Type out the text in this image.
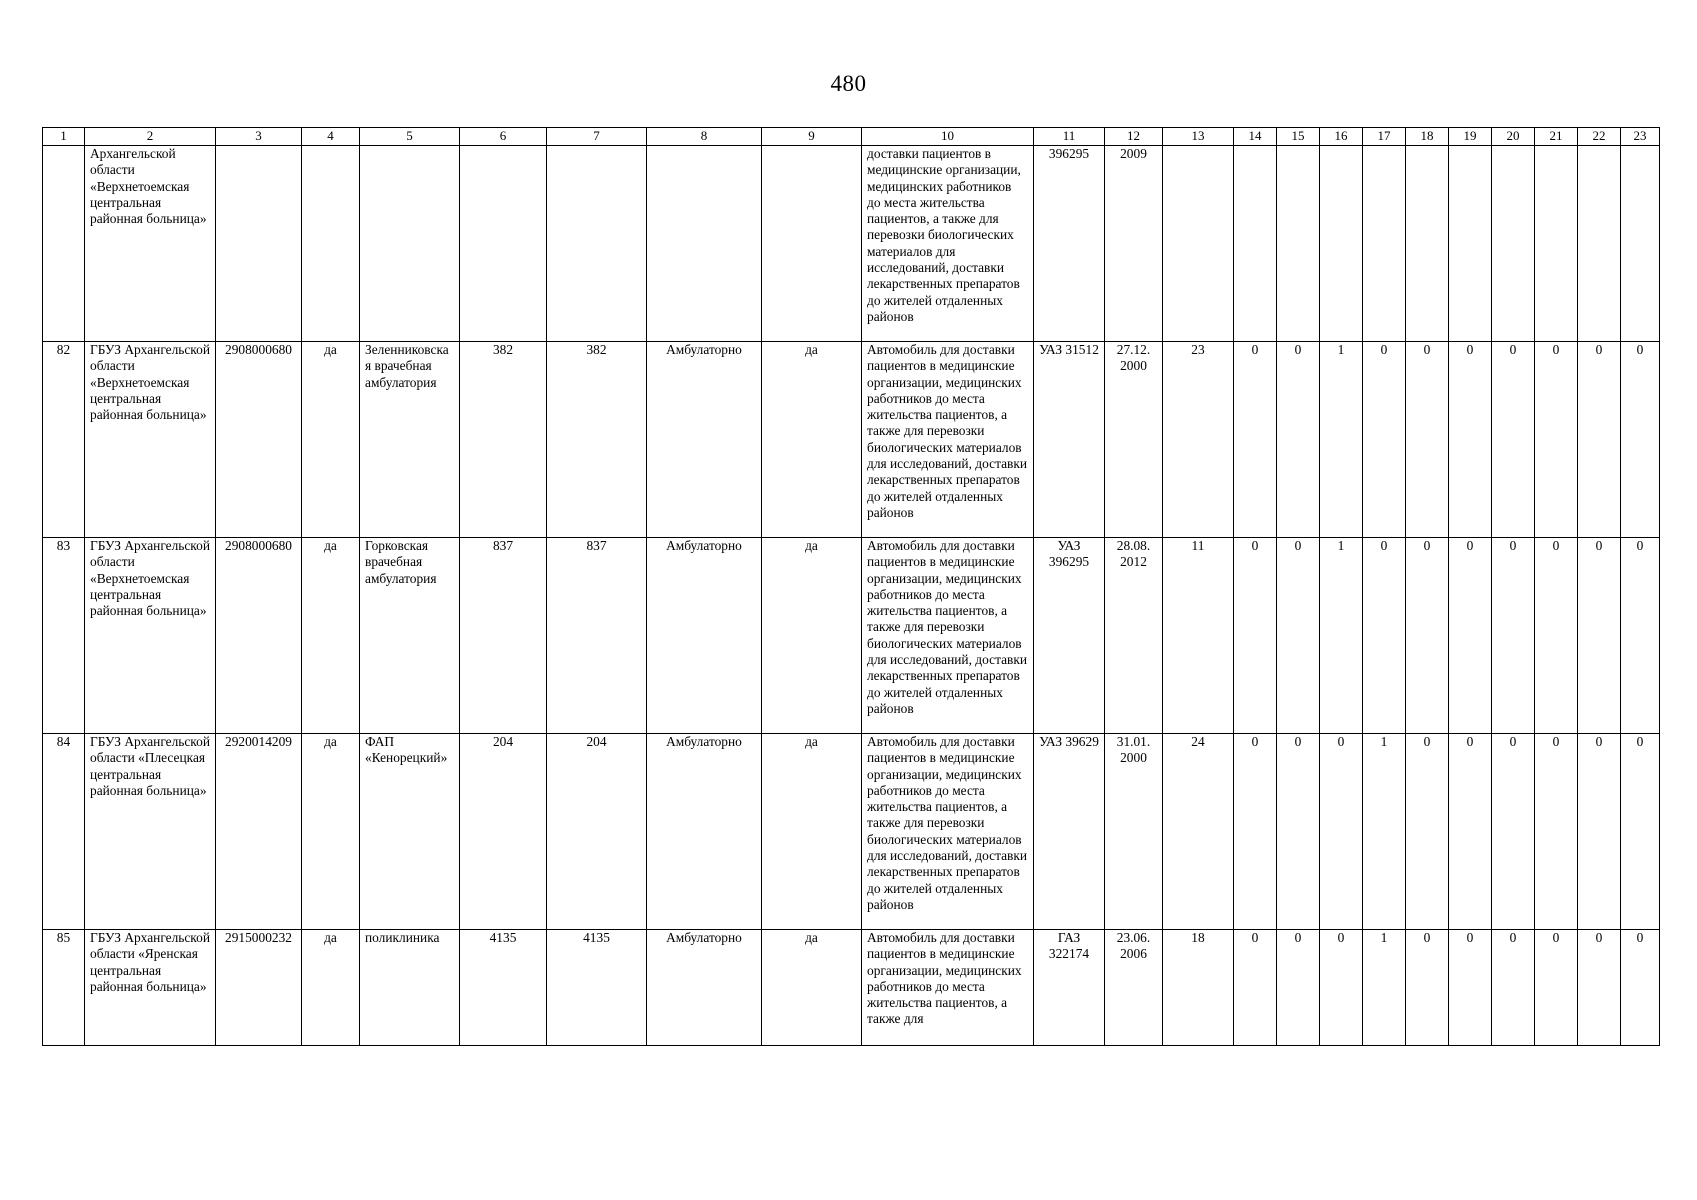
480
1	2	3	4	5	6	7	8	9	10	11	12	13	14	15	16	17	18	19	20	21	22	23
	Архангельской области «Верхнетоемская центральная районная больница»								доставки пациентов в медицинские организации, медицинских работников до места жительства пациентов, а также для перевозки биологических материалов для исследований, доставки лекарственных препаратов до жителей отдаленных районов	396295	2009											
82	ГБУЗ Архангельской области «Верхнетоемская центральная районная больница»	2908000680	да	Зеленниковская врачебная амбулатория	382	382	Амбулаторно	да	Автомобиль для доставки пациентов в медицинские организации, медицинских работников до места жительства пациентов, а также для перевозки биологических материалов для исследований, доставки лекарственных препаратов до жителей отдаленных районов	УАЗ 31512	27.12. 2000	23	0	0	1	0	0	0	0	0	0	0
83	ГБУЗ Архангельской области «Верхнетоемская центральная районная больница»	2908000680	да	Горковская врачебная амбулатория	837	837	Амбулаторно	да	Автомобиль для доставки пациентов в медицинские организации, медицинских работников до места жительства пациентов, а также для перевозки биологических материалов для исследований, доставки лекарственных препаратов до жителей отдаленных районов	УАЗ 396295	28.08. 2012	11	0	0	1	0	0	0	0	0	0	0
84	ГБУЗ Архангельской области «Плесецкая центральная районная больница»	2920014209	да	ФАП «Кенорецкий»	204	204	Амбулаторно	да	Автомобиль для доставки пациентов в медицинские организации, медицинских работников до места жительства пациентов, а также для перевозки биологических материалов для исследований, доставки лекарственных препаратов до жителей отдаленных районов	УАЗ 39629	31.01. 2000	24	0	0	0	1	0	0	0	0	0	0
85	ГБУЗ Архангельской области «Яренская центральная районная больница»	2915000232	да	поликлиника	4135	4135	Амбулаторно	да	Автомобиль для доставки пациентов в медицинские организации, медицинских работников до места жительства пациентов, а также для	ГАЗ 322174	23.06. 2006	18	0	0	0	1	0	0	0	0	0	0
